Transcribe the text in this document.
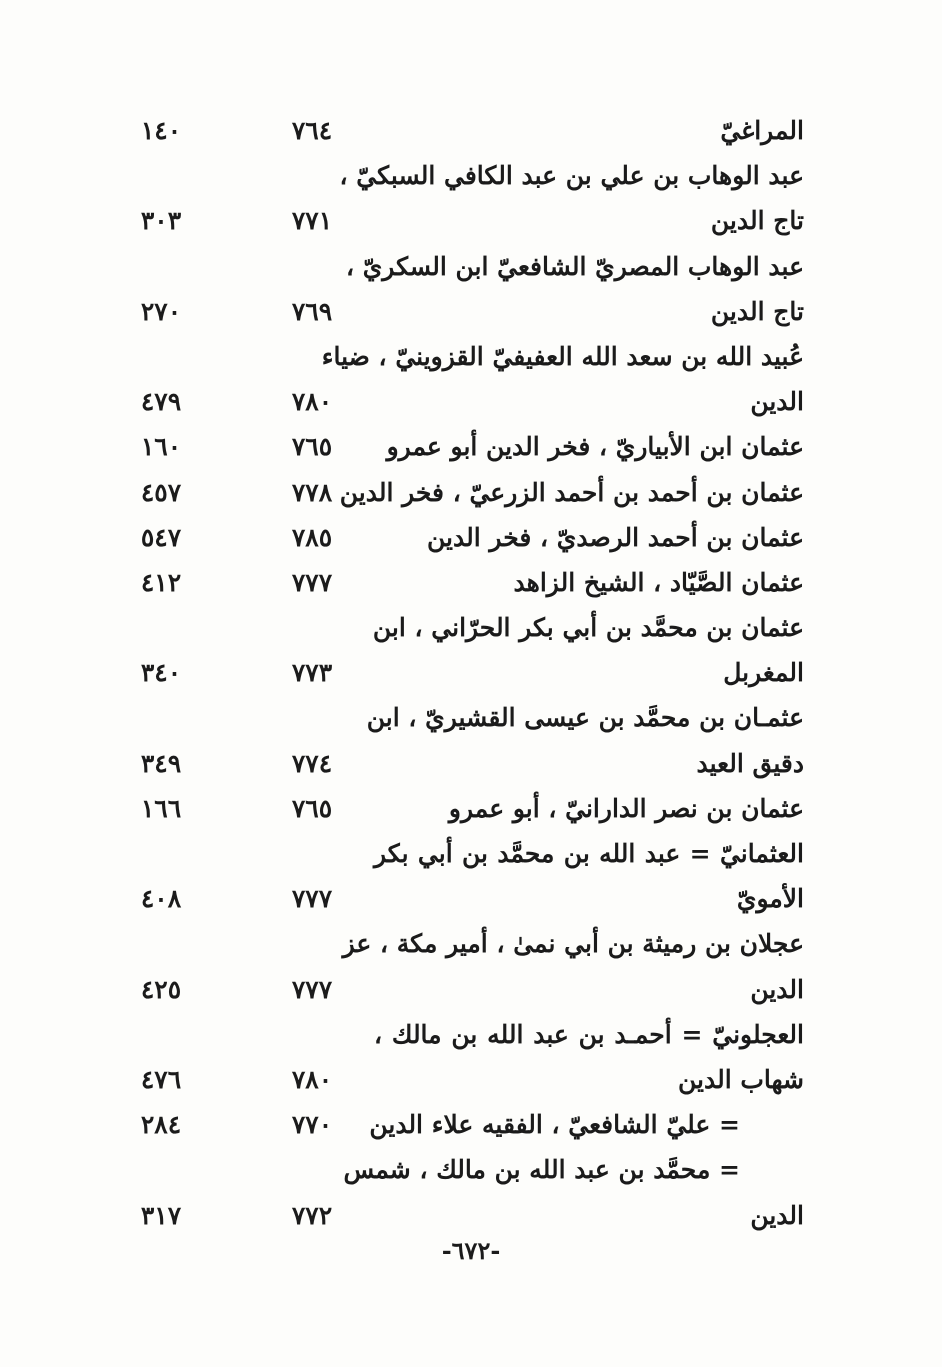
المراغيّ
٧٦٤
١٤٠
عبد الوهاب بن علي بن عبد الكافي السبكيّ ،
تاج الدين
٧٧١
٣٠٣
عبد الوهاب المصريّ الشافعيّ ابن السكريّ ،
تاج الدين
٧٦٩
٢٧٠
عُبيد الله بن سعد الله العفيفيّ القزوينيّ ، ضياء
الدين
٧٨٠
٤٧٩
عثمان ابن الأبياريّ ، فخر الدين أبو عمرو
٧٦٥
١٦٠
عثمان بن أحمد بن أحمد الزرعيّ ، فخر الدين
٧٧٨
٤٥٧
عثمان بن أحمد الرصديّ ، فخر الدين
٧٨٥
٥٤٧
عثمان الصَّيّاد ، الشيخ الزاهد
٧٧٧
٤١٢
عثمان بن محمَّد بن أبي بكر الحرّاني ، ابن
المغربل
٧٧٣
٣٤٠
عثمـان بن محمَّد بن عيسى القشيريّ ، ابن
دقيق العيد
٧٧٤
٣٤٩
عثمان بن نصر الدارانيّ ، أبو عمرو
٧٦٥
١٦٦
العثمانيّ = عبد الله بن محمَّد بن أبي بكر
الأمويّ
٧٧٧
٤٠٨
عجلان بن رميثة بن أبي نمىٰ ، أمير مكة ، عز
الدين
٧٧٧
٤٢٥
العجلونيّ = أحمـد بن عبد الله بن مالك ،
شهاب الدين
٧٨٠
٤٧٦
= عليّ الشافعيّ ، الفقيه علاء الدين
٧٧٠
٢٨٤
= محمَّد بن عبد الله بن مالك ، شمس
الدين
٧٧٢
٣١٧
-٦٧٢-
